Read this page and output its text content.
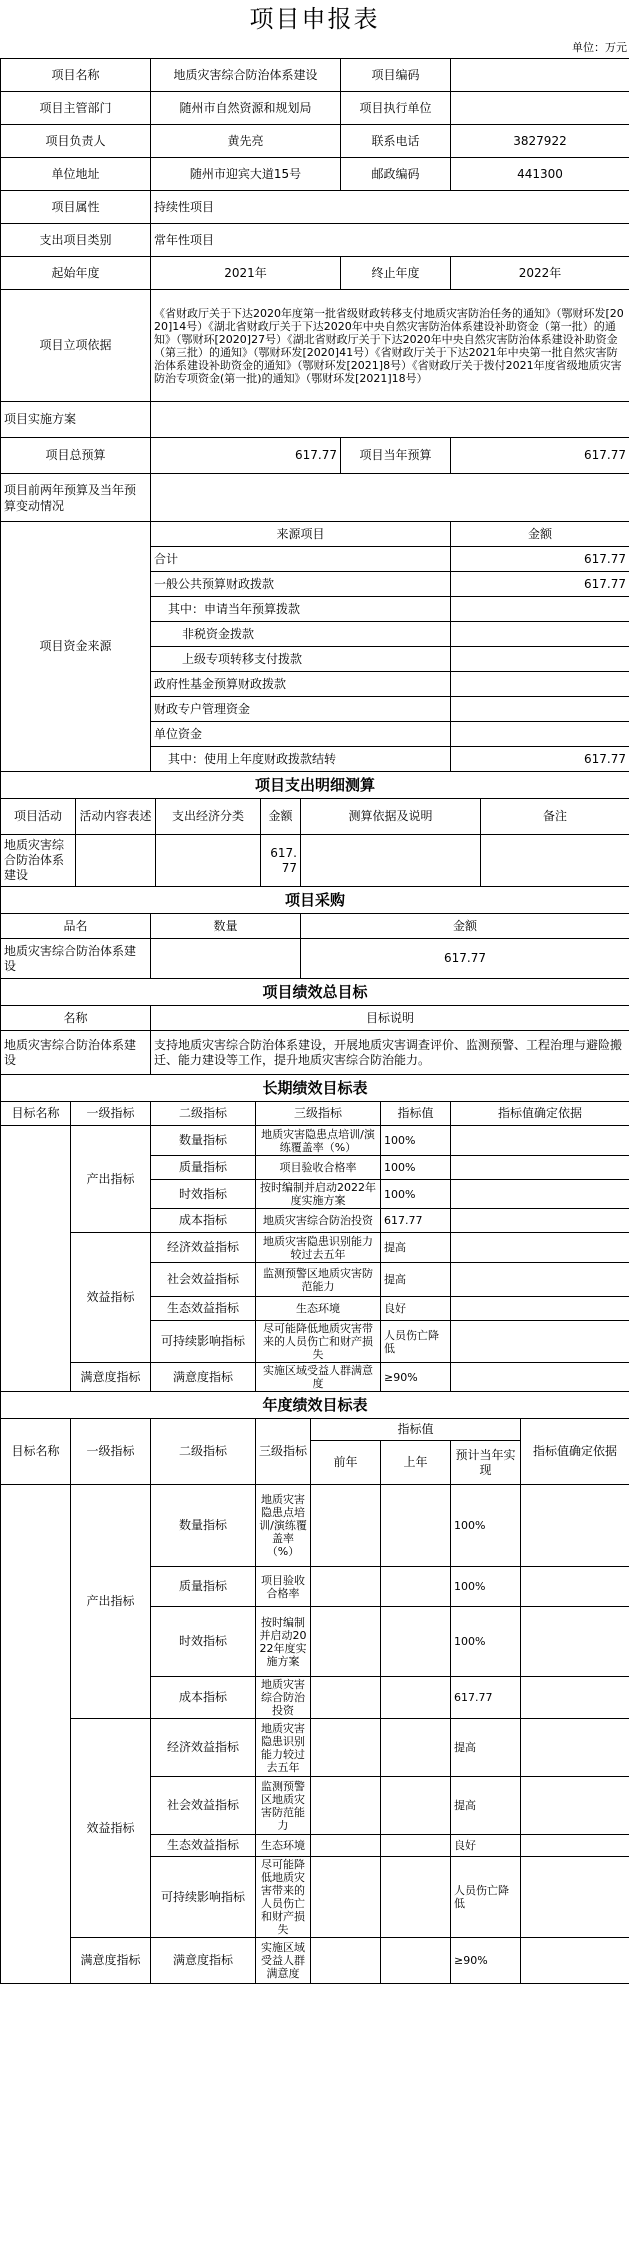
项目申报表
单位：万元
项目名称	地质灾害综合防治体系建设	项目编码	
项目主管部门	随州市自然资源和规划局	项目执行单位	
项目负责人	黄先亮	联系电话	3827922
单位地址	随州市迎宾大道15号	邮政编码	441300
项目属性	持续性项目		
支出项目类别	常年性项目		
起始年度	2021年	终止年度	2022年
项目立项依据	《省财政厅关于下达2020年度第一批省级财政转移支付地质灾害防治任务的通知》（鄂财环发[2020]14号）《湖北省财政厅关于下达2020年中央自然灾害防治体系建设补助资金（第一批）的通知》（鄂财环[2020]27号）《湖北省财政厅关于下达2020年中央自然灾害防治体系建设补助资金（第三批）的通知》（鄂财环发[2020]41号）《省财政厅关于下达2021年中央第一批自然灾害防治体系建设补助资金的通知》（鄂财环发[2021]8号）《省财政厅关于拨付2021年度省级地质灾害防治专项资金(第一批)的通知》（鄂财环发[2021]18号）		
项目实施方案			
项目总预算	617.77	项目当年预算	617.77
项目前两年预算及当年预算变动情况			
项目资金来源	来源项目	金额
	合计	617.77
	一般公共预算财政拨款	617.77
	其中：申请当年预算拨款	
	非税资金拨款	
	上级专项转移支付拨款	
	政府性基金预算财政拨款	
	财政专户管理资金	
	单位资金	
	其中：使用上年度财政拨款结转	617.77
项目支出明细测算					
项目活动	活动内容表述	支出经济分类	金额	测算依据及说明	备注
地质灾害综合防治体系建设			617.77		
项目采购		
品名	数量	金额
地质灾害综合防治体系建设		617.77
项目绩效总目标	
名称	目标说明
地质灾害综合防治体系建设	支持地质灾害综合防治体系建设，开展地质灾害调查评价、监测预警、工程治理与避险搬迁、能力建设等工作，提升地质灾害综合防治能力。
长期绩效目标表					
目标名称	一级指标	二级指标	三级指标	指标值	指标值确定依据
	产出指标	数量指标	地质灾害隐患点培训/演练覆盖率（%）	100%	
		质量指标	项目验收合格率	100%	
		时效指标	按时编制并启动2022年度实施方案	100%	
		成本指标	地质灾害综合防治投资	617.77	
	效益指标	经济效益指标	地质灾害隐患识别能力较过去五年	提高	
		社会效益指标	监测预警区地质灾害防范能力	提高	
		生态效益指标	生态环境	良好	
		可持续影响指标	尽可能降低地质灾害带来的人员伤亡和财产损失	人员伤亡降低	
	满意度指标	满意度指标	实施区域受益人群满意度	≥90%	
年度绩效目标表							
目标名称	一级指标	二级指标	三级指标	指标值			指标值确定依据
				前年	上年	预计当年实现	
	产出指标	数量指标	地质灾害隐患点培训/演练覆盖率（%）			100%	
		质量指标	项目验收合格率			100%	
		时效指标	按时编制并启动2022年度实施方案			100%	
		成本指标	地质灾害综合防治投资			617.77	
	效益指标	经济效益指标	地质灾害隐患识别能力较过去五年			提高	
		社会效益指标	监测预警区地质灾害防范能力			提高	
		生态效益指标	生态环境			良好	
		可持续影响指标	尽可能降低地质灾害带来的人员伤亡和财产损失			人员伤亡降低	
	满意度指标	满意度指标	实施区域受益人群满意度			≥90%	
